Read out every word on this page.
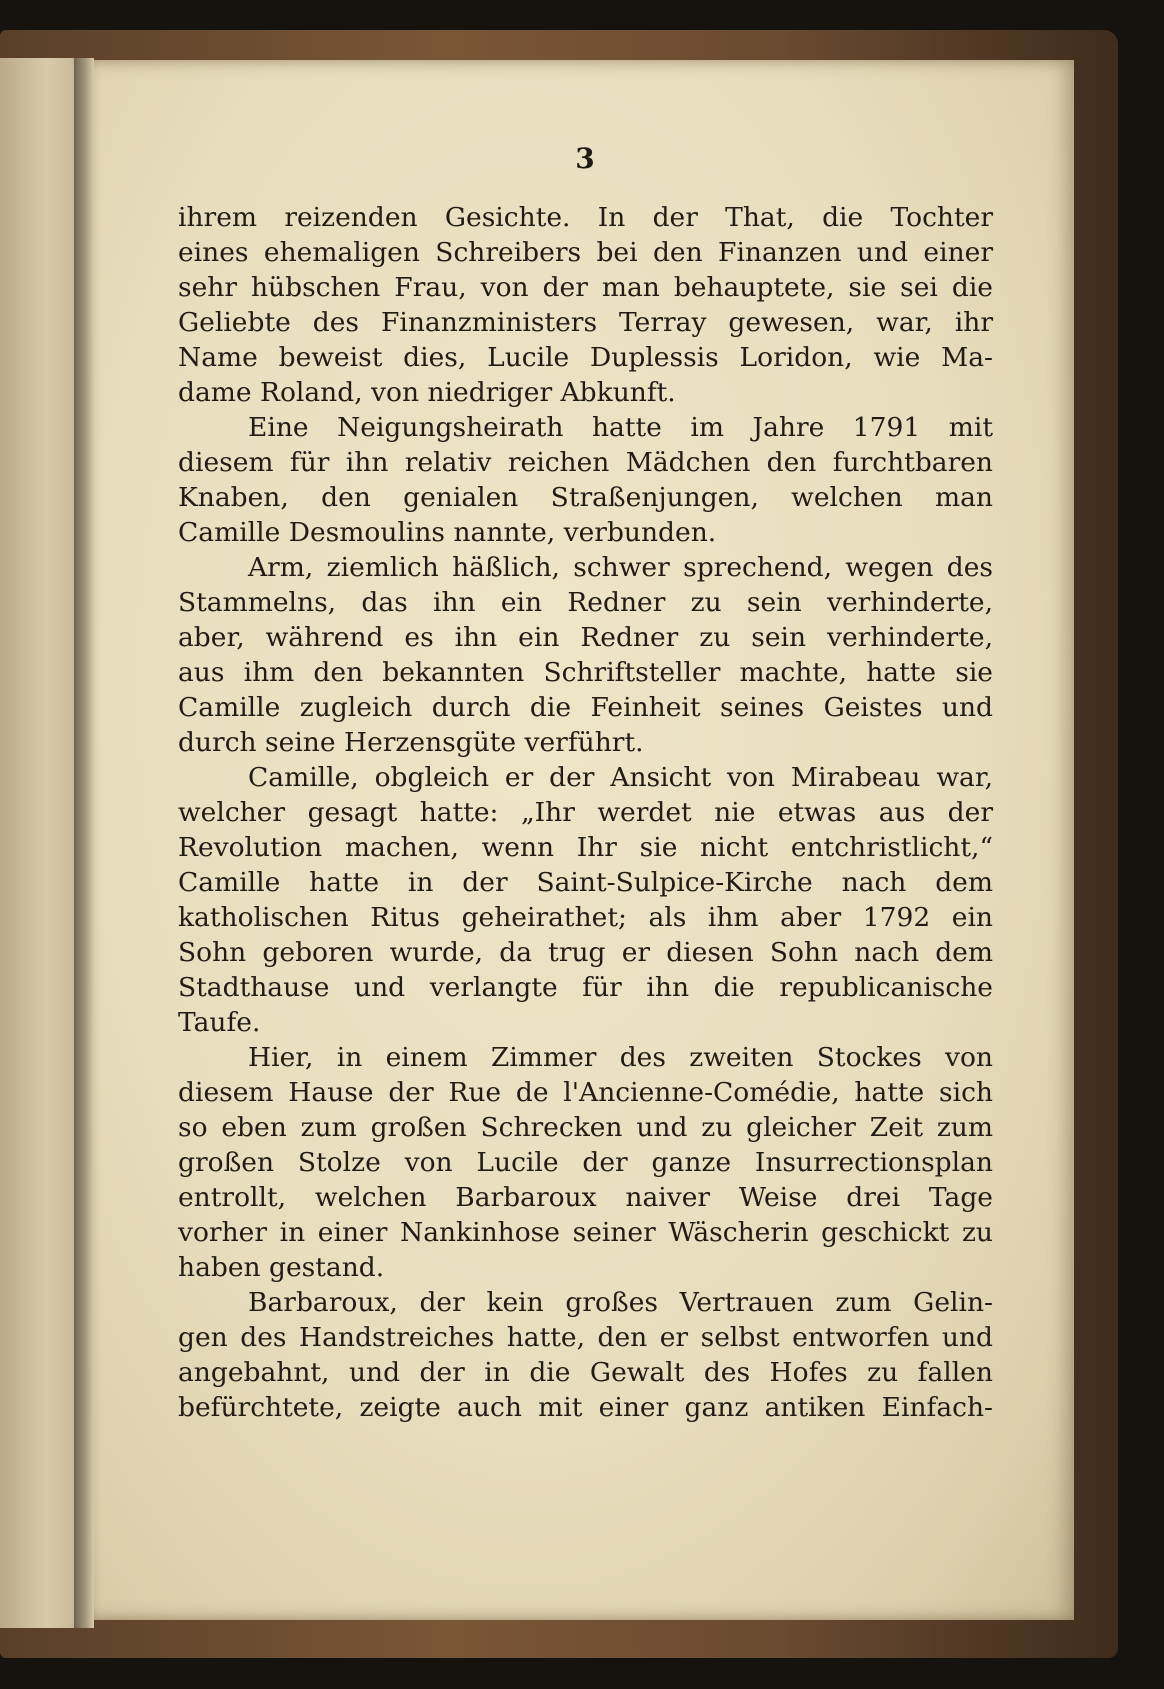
3
ihrem reizenden Gesichte. In der That, die Tochter
eines ehemaligen Schreibers bei den Finanzen und einer
sehr hübschen Frau, von der man behauptete, sie sei die
Geliebte des Finanzministers Terray gewesen, war, ihr
Name beweist dies, Lucile Duplessis Loridon, wie Ma-
dame Roland, von niedriger Abkunft.
Eine Neigungsheirath hatte im Jahre 1791 mit
diesem für ihn relativ reichen Mädchen den furchtbaren
Knaben, den genialen Straßenjungen, welchen man
Camille Desmoulins nannte, verbunden.
Arm, ziemlich häßlich, schwer sprechend, wegen des
Stammelns, das ihn ein Redner zu sein verhinderte,
aber, während es ihn ein Redner zu sein verhinderte,
aus ihm den bekannten Schriftsteller machte, hatte sie
Camille zugleich durch die Feinheit seines Geistes und
durch seine Herzensgüte verführt.
Camille, obgleich er der Ansicht von Mirabeau war,
welcher gesagt hatte: „Ihr werdet nie etwas aus der
Revolution machen, wenn Ihr sie nicht entchristlicht,“
Camille hatte in der Saint-Sulpice-Kirche nach dem
katholischen Ritus geheirathet; als ihm aber 1792 ein
Sohn geboren wurde, da trug er diesen Sohn nach dem
Stadthause und verlangte für ihn die republicanische
Taufe.
Hier, in einem Zimmer des zweiten Stockes von
diesem Hause der Rue de l'Ancienne-Comédie, hatte sich
so eben zum großen Schrecken und zu gleicher Zeit zum
großen Stolze von Lucile der ganze Insurrectionsplan
entrollt, welchen Barbaroux naiver Weise drei Tage
vorher in einer Nankinhose seiner Wäscherin geschickt zu
haben gestand.
Barbaroux, der kein großes Vertrauen zum Gelin-
gen des Handstreiches hatte, den er selbst entworfen und
angebahnt, und der in die Gewalt des Hofes zu fallen
befürchtete, zeigte auch mit einer ganz antiken Einfach-
